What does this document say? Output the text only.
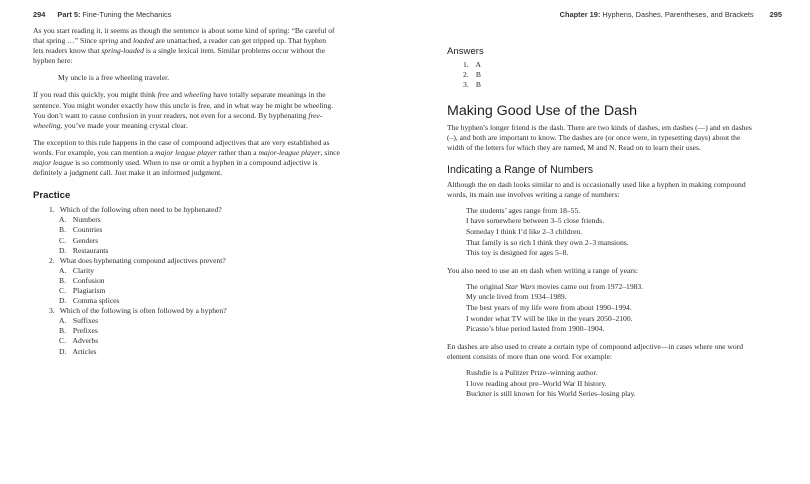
294 Part 5: Fine-Tuning the Mechanics

As you start reading it, it seems as though the sentence is about some kind of spring: “Be careful of

that spring …” Since spring and loaded are unattached, a reader can get tripped up. That hyphen

lets readers know that spring-loaded is a single lexical item. Similar problems occur without the

hyphen here:

My uncle is a free wheeling traveler.

If you read this quickly, you might think free and wheeling have totally separate meanings in the

sentence. You might wonder exactly how this uncle is free, and in what way he might be wheeling.

You don’t want to cause confusion in your readers, not even for a second. By hyphenating free-

wheeling, you’ve made your meaning crystal clear.

The exception to this rule happens in the case of compound adjectives that are very established as

words. For example, you can mention a major league player rather than a major-league player, since

major league is so commonly used. When to use or omit a hyphen in a compound adjective is

definitely a judgment call. Just make it an informed judgment.

Practice
1. Which of the following often need to be hyphenated?
A. Numbers
B. Countries
C. Genders
D. Restaurants
2. What does hyphenating compound adjectives prevent?
A. Clarity
B. Confusion
C. Plagiarism
D. Comma splices
3. Which of the following is often followed by a hyphen?
A. Suffixes
B. Prefixes
C. Adverbs
D. Articles
Chapter 19: Hyphens, Dashes, Parentheses, and Brackets 295
Answers
1. A
2. B
3. B
Making Good Use of the Dash

The hyphen’s longer friend is the dash. There are two kinds of dashes, em dashes (—) and en dashes

(–), and both are important to know. The dashes are (or once were, in typesetting days) about the

width of the letters for which they are named, M and N. Read on to learn their uses.

Indicating a Range of Numbers

Although the en dash looks similar to and is occasionally used like a hyphen in making compound

words, its main use involves writing a range of numbers:

The students’ ages range from 18–55.

I have somewhere between 3–5 close friends.

Someday I think I’d like 2–3 children.

That family is so rich I think they own 2–3 mansions.

This toy is designed for ages 5–8.

You also need to use an en dash when writing a range of years:

The original Star Wars movies came out from 1972–1983.

My uncle lived from 1934–1989.

The best years of my life were from about 1990–1994.

I wonder what TV will be like in the years 2050–2100.

Picasso’s blue period lasted from 1900–1904.

En dashes are also used to create a certain type of compound adjective—in cases where one word

element consists of more than one word. For example:

Rushdie is a Pulitzer Prize–winning author.

I love reading about pre–World War II history.

Buckner is still known for his World Series–losing play.
